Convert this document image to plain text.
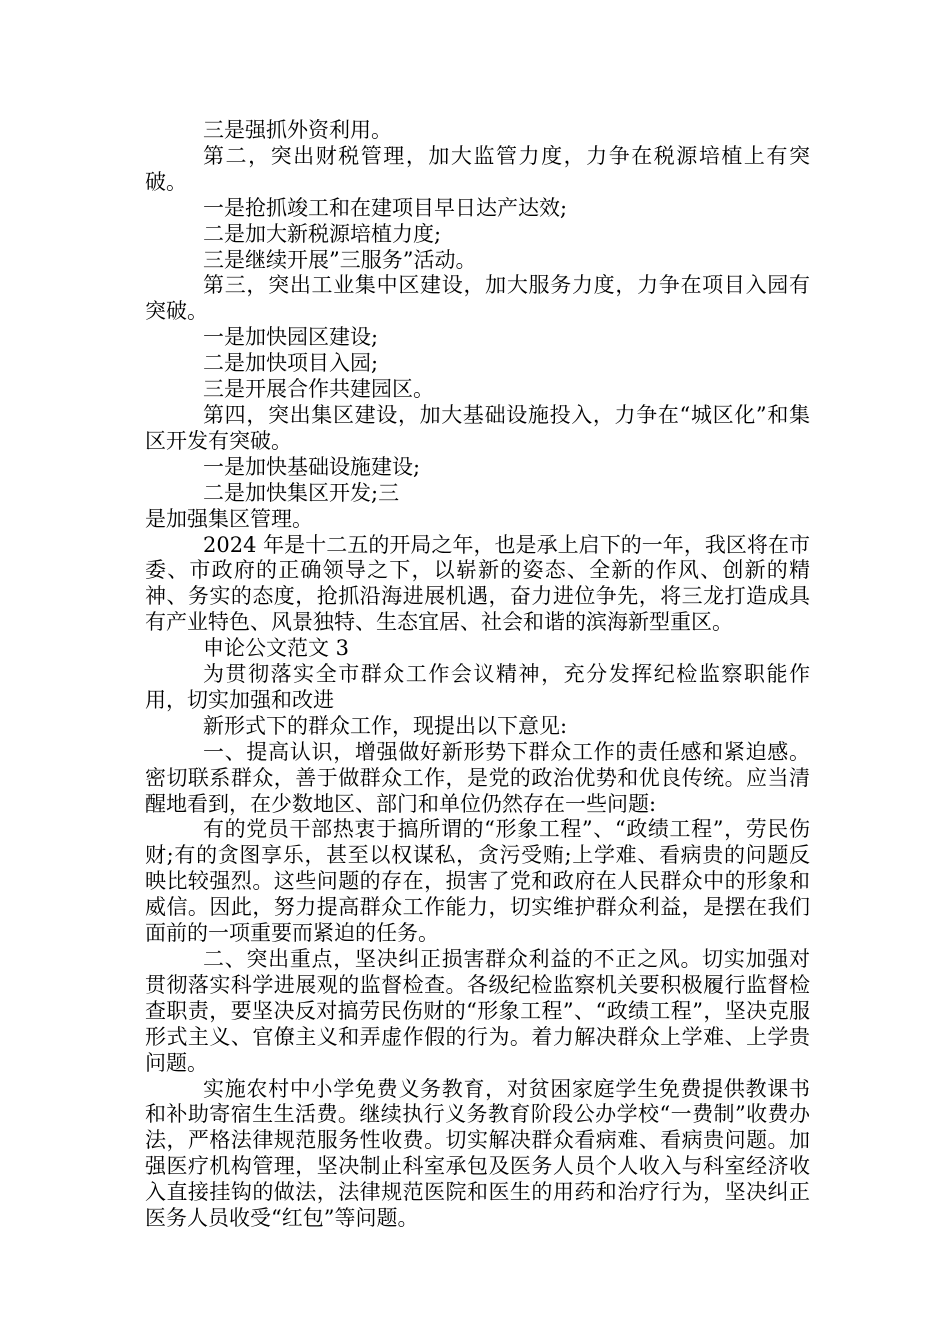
三是强抓外资利用。

第二，突出财税管理，加大监管力度，力争在税源培植上有突破。

一是抢抓竣工和在建项目早日达产达效;

二是加大新税源培植力度;

三是继续开展”三服务”活动。

第三，突出工业集中区建设，加大服务力度，力争在项目入园有突破。

一是加快园区建设;

二是加快项目入园;

三是开展合作共建园区。

第四，突出集区建设，加大基础设施投入，力争在“城区化”和集区开发有突破。

一是加快基础设施建设;

二是加快集区开发;三

是加强集区管理。

2024 年是十二五的开局之年，也是承上启下的一年，我区将在市委、市政府的正确领导之下，以崭新的姿态、全新的作风、创新的精神、务实的态度，抢抓沿海进展机遇，奋力进位争先，将三龙打造成具有产业特色、风景独特、生态宜居、社会和谐的滨海新型重区。

申论公文范文 3

为贯彻落实全市群众工作会议精神，充分发挥纪检监察职能作用，切实加强和改进

新形式下的群众工作，现提出以下意见:

一、提高认识，增强做好新形势下群众工作的责任感和紧迫感。密切联系群众，善于做群众工作，是党的政治优势和优良传统。应当清醒地看到，在少数地区、部门和单位仍然存在一些问题:

有的党员干部热衷于搞所谓的“形象工程”、“政绩工程”，劳民伤财;有的贪图享乐，甚至以权谋私，贪污受贿;上学难、看病贵的问题反映比较强烈。这些问题的存在，损害了党和政府在人民群众中的形象和威信。因此，努力提高群众工作能力，切实维护群众利益，是摆在我们面前的一项重要而紧迫的任务。

二、突出重点，坚决纠正损害群众利益的不正之风。切实加强对贯彻落实科学进展观的监督检查。各级纪检监察机关要积极履行监督检查职责，要坚决反对搞劳民伤财的“形象工程”、“政绩工程”，坚决克服形式主义、官僚主义和弄虚作假的行为。着力解决群众上学难、上学贵问题。

实施农村中小学免费义务教育，对贫困家庭学生免费提供教课书和补助寄宿生生活费。继续执行义务教育阶段公办学校“一费制”收费办法，严格法律规范服务性收费。切实解决群众看病难、看病贵问题。加强医疗机构管理，坚决制止科室承包及医务人员个人收入与科室经济收入直接挂钩的做法，法律规范医院和医生的用药和治疗行为，坚决纠正医务人员收受“红包”等问题。
